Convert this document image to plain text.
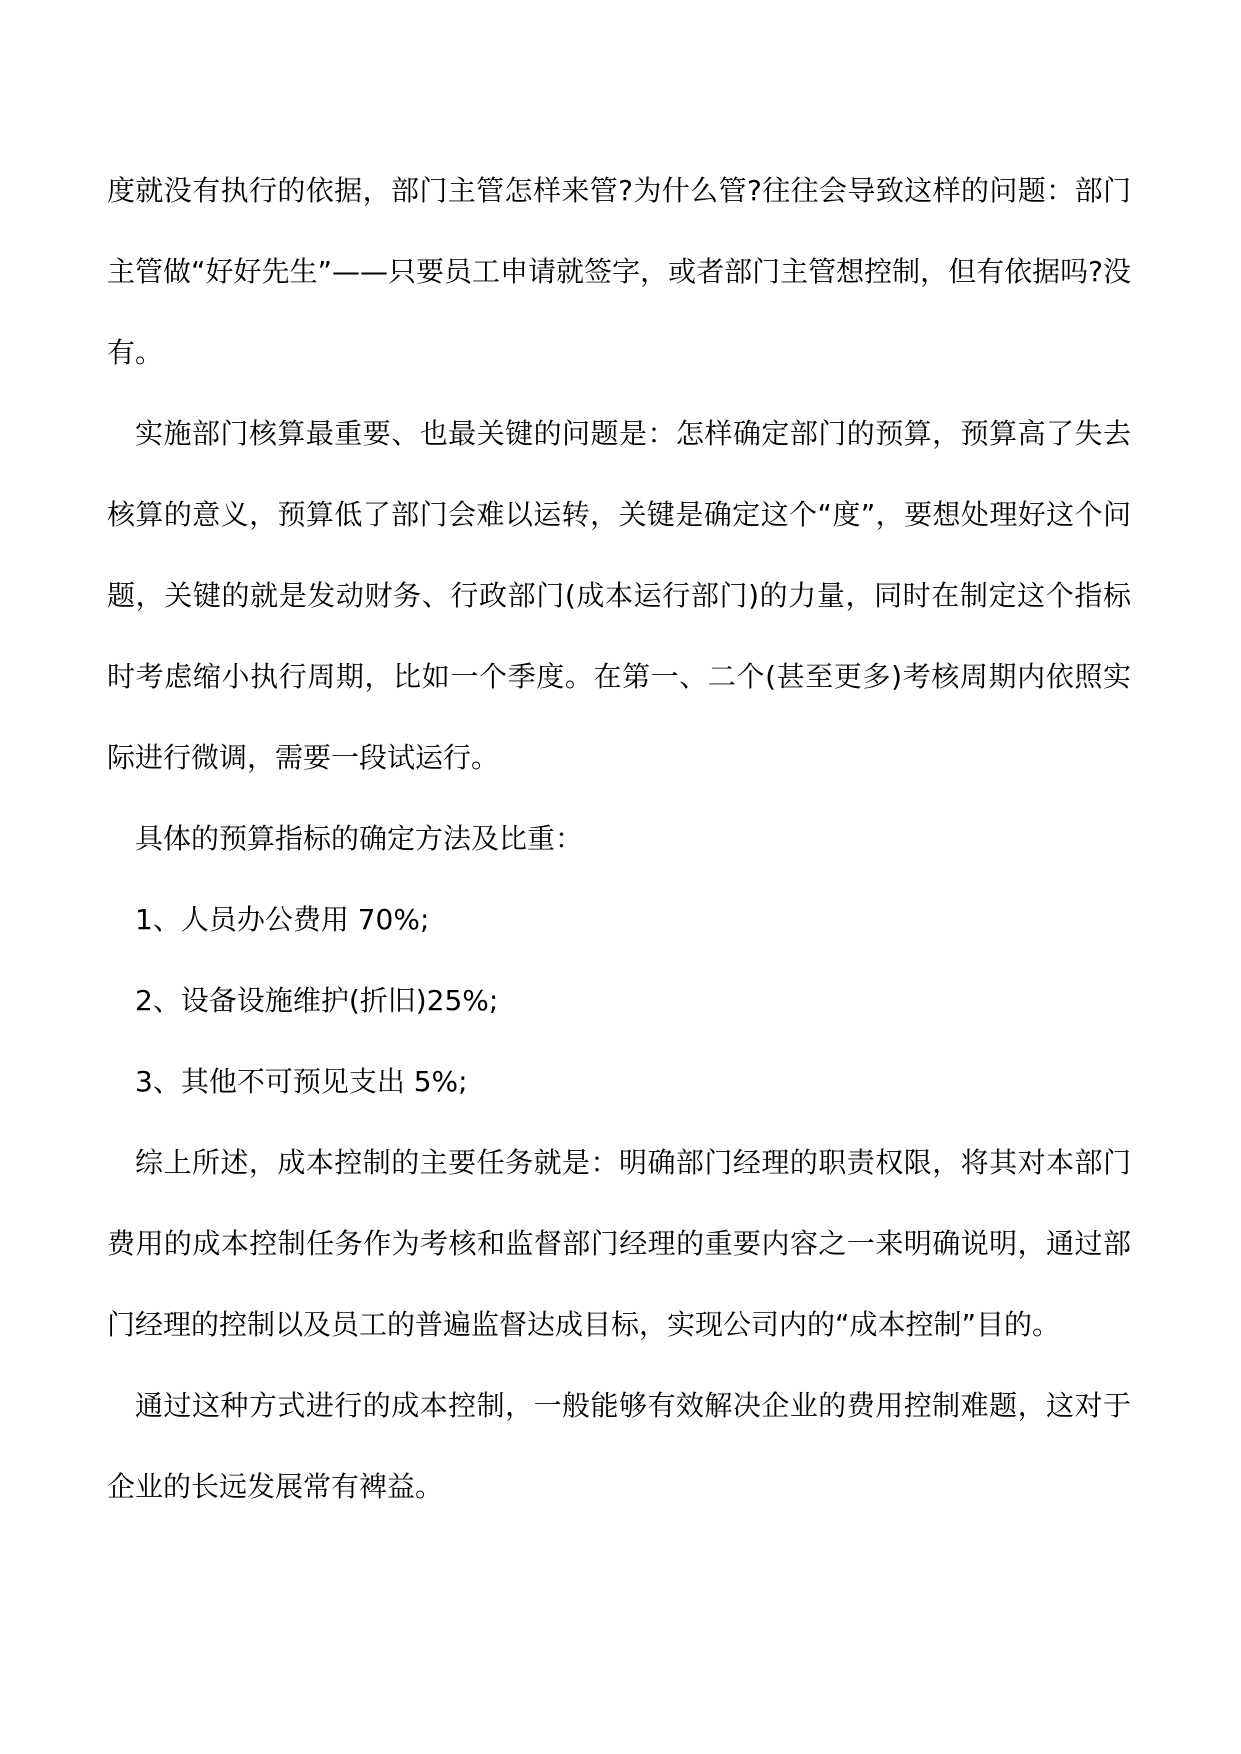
度就没有执行的依据，部门主管怎样来管?为什么管?往往会导致这样的问题：部门主管做“好好先生”——只要员工申请就签字，或者部门主管想控制，但有依据吗?没有。

实施部门核算最重要、也最关键的问题是：怎样确定部门的预算，预算高了失去核算的意义，预算低了部门会难以运转，关键是确定这个“度”，要想处理好这个问题，关键的就是发动财务、行政部门(成本运行部门)的力量，同时在制定这个指标时考虑缩小执行周期，比如一个季度。在第一、二个(甚至更多)考核周期内依照实际进行微调，需要一段试运行。

具体的预算指标的确定方法及比重：

1、人员办公费用 70%;

2、设备设施维护(折旧)25%;

3、其他不可预见支出 5%;

综上所述，成本控制的主要任务就是：明确部门经理的职责权限，将其对本部门费用的成本控制任务作为考核和监督部门经理的重要内容之一来明确说明，通过部门经理的控制以及员工的普遍监督达成目标，实现公司内的“成本控制”目的。

通过这种方式进行的成本控制，一般能够有效解决企业的费用控制难题，这对于企业的长远发展常有裨益。
